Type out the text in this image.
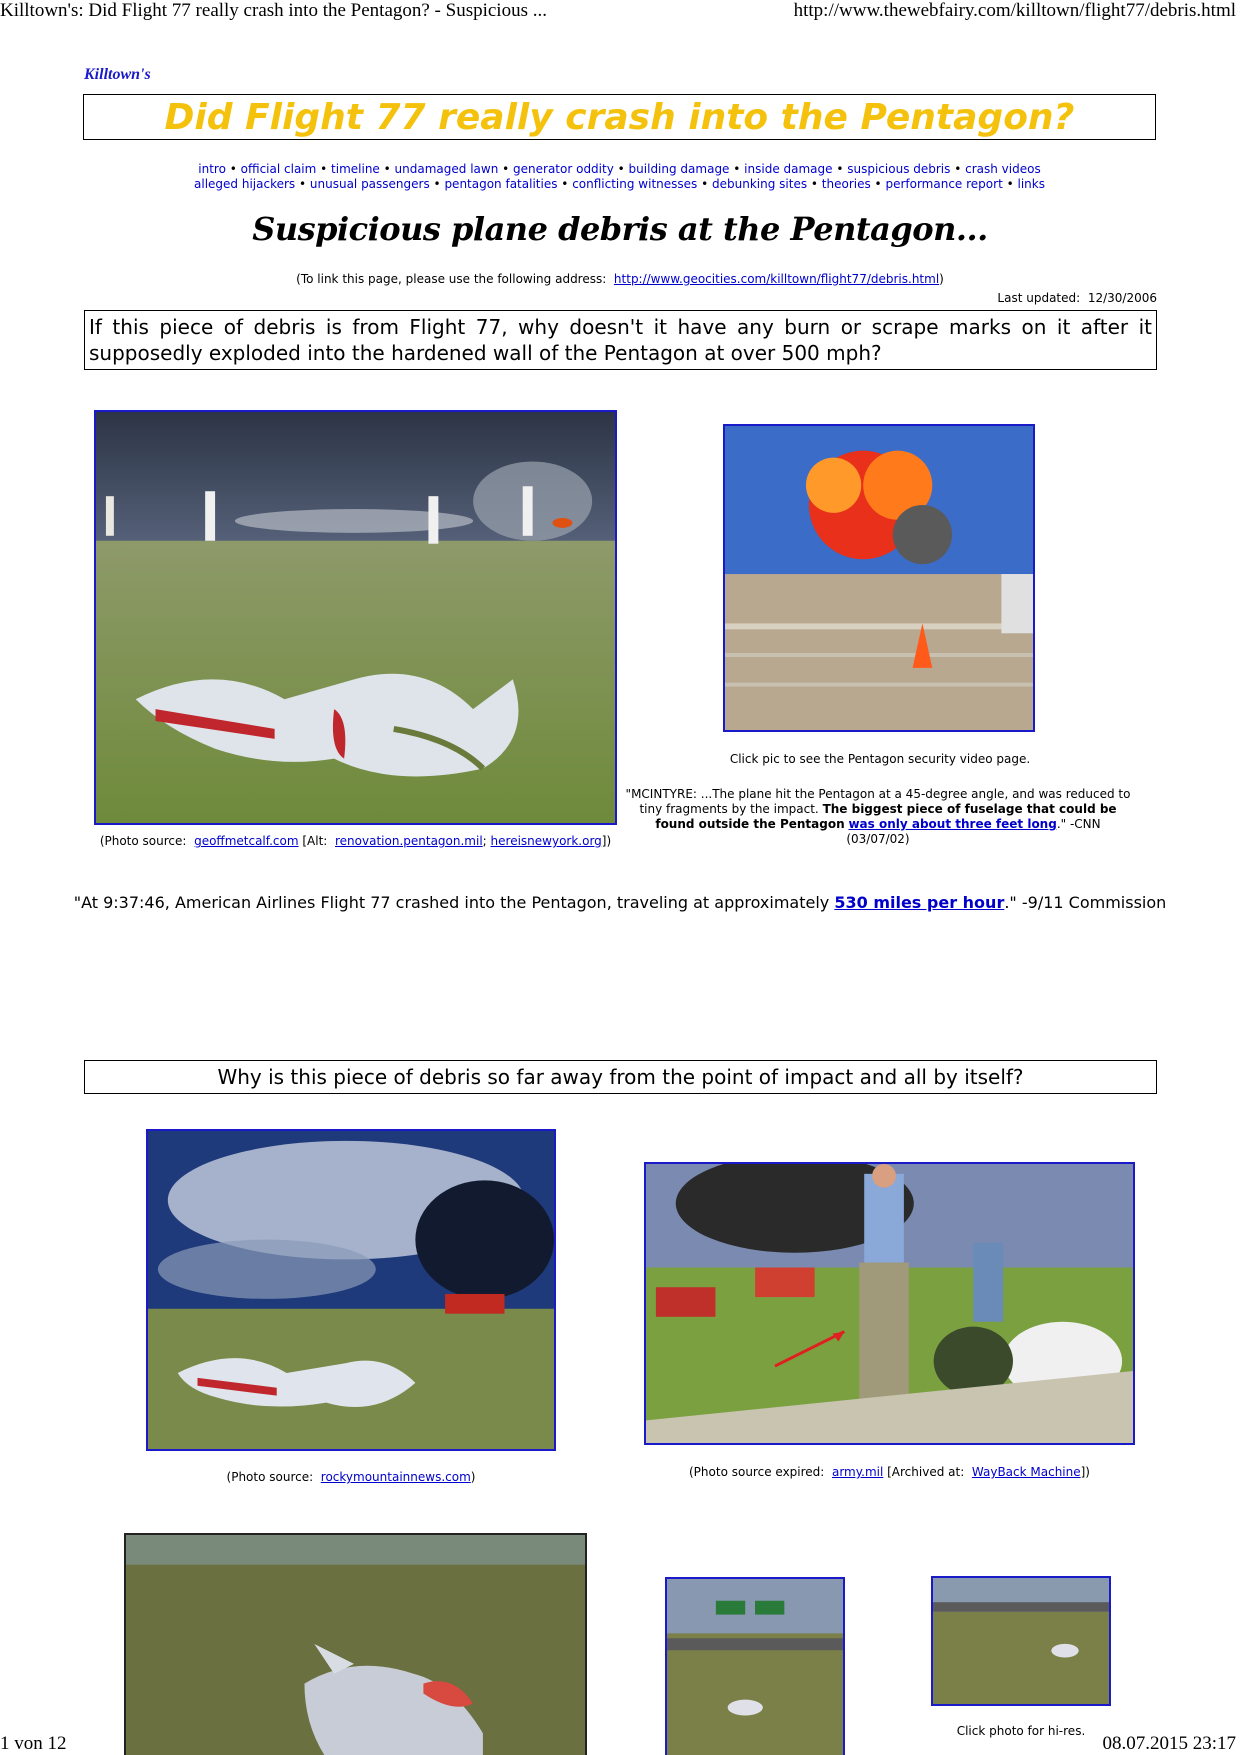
Killtown's: Did Flight 77 really crash into the Pentagon? - Suspicious ...	http://www.thewebfairy.com/killtown/flight77/debris.html
Killtown's
Did Flight 77 really crash into the Pentagon?
intro • official claim • timeline • undamaged lawn • generator oddity • building damage • inside damage • suspicious debris • crash videos
alleged hijackers • unusual passengers • pentagon fatalities • conflicting witnesses • debunking sites • theories • performance report • links
Suspicious plane debris at the Pentagon...
(To link this page, please use the following address: http://www.geocities.com/killtown/flight77/debris.html)
Last updated: 12/30/2006
If this piece of debris is from Flight 77, why doesn't it have any burn or scrape marks on it after it supposedly exploded into the hardened wall of the Pentagon at over 500 mph?
(Photo source: geoffmetcalf.com [Alt: renovation.pentagon.mil; hereisnewyork.org])
Click pic to see the Pentagon security video page.
"MCINTYRE: ...The plane hit the Pentagon at a 45-degree angle, and was reduced to tiny fragments by the impact. The biggest piece of fuselage that could be found outside the Pentagon was only about three feet long." -CNN (03/07/02)
"At 9:37:46, American Airlines Flight 77 crashed into the Pentagon, traveling at approximately 530 miles per hour." -9/11 Commission
Why is this piece of debris so far away from the point of impact and all by itself?
(Photo source: rockymountainnews.com)	(Photo source expired: army.mil [Archived at: WayBack Machine])
Click photo for hi-res.
1 von 12	08.07.2015 23:17
